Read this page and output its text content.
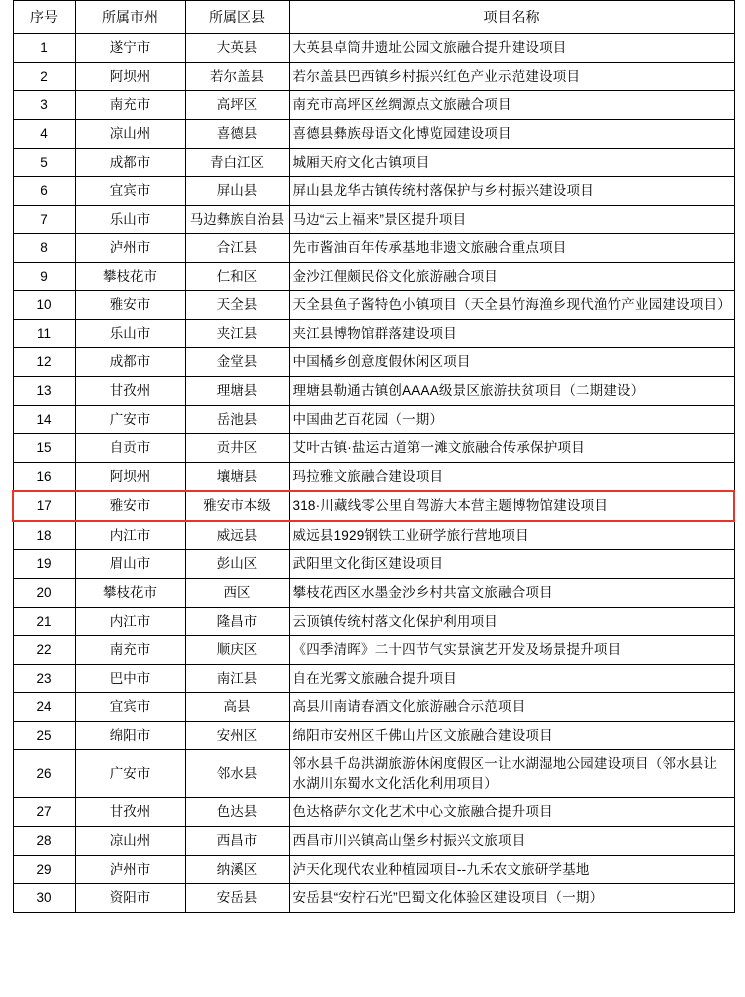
序号	所属市州	所属区县	项目名称
1	遂宁市	大英县	大英县卓筒井遗址公园文旅融合提升建设项目
2	阿坝州	若尔盖县	若尔盖县巴西镇乡村振兴红色产业示范建设项目
3	南充市	高坪区	南充市高坪区丝绸源点文旅融合项目
4	凉山州	喜德县	喜德县彝族母语文化博览园建设项目
5	成都市	青白江区	城厢天府文化古镇项目
6	宜宾市	屏山县	屏山县龙华古镇传统村落保护与乡村振兴建设项目
7	乐山市	马边彝族自治县	马边“云上福来”景区提升项目
8	泸州市	合江县	先市酱油百年传承基地非遗文旅融合重点项目
9	攀枝花市	仁和区	金沙江俚颇民俗文化旅游融合项目
10	雅安市	天全县	天全县鱼子酱特色小镇项目（天全县竹海渔乡现代渔竹产业园建设项目）
11	乐山市	夹江县	夹江县博物馆群落建设项目
12	成都市	金堂县	中国橘乡创意度假休闲区项目
13	甘孜州	理塘县	理塘县勒通古镇创AAAA级景区旅游扶贫项目（二期建设）
14	广安市	岳池县	中国曲艺百花园（一期）
15	自贡市	贡井区	艾叶古镇·盐运古道第一滩文旅融合传承保护项目
16	阿坝州	壤塘县	玛拉雅文旅融合建设项目
17	雅安市	雅安市本级	318·川藏线零公里自驾游大本营主题博物馆建设项目
18	内江市	威远县	威远县1929钢铁工业研学旅行营地项目
19	眉山市	彭山区	武阳里文化街区建设项目
20	攀枝花市	西区	攀枝花西区水墨金沙乡村共富文旅融合项目
21	内江市	隆昌市	云顶镇传统村落文化保护利用项目
22	南充市	顺庆区	《四季清晖》二十四节气实景演艺开发及场景提升项目
23	巴中市	南江县	自在光雾文旅融合提升项目
24	宜宾市	高县	高县川南请春酒文化旅游融合示范项目
25	绵阳市	安州区	绵阳市安州区千佛山片区文旅融合建设项目
26	广安市	邻水县	邻水县千岛洪湖旅游休闲度假区一让水湖湿地公园建设项目（邻水县让水湖川东蜀水文化活化利用项目）
27	甘孜州	色达县	色达格萨尔文化艺术中心文旅融合提升项目
28	凉山州	西昌市	西昌市川兴镇高山堡乡村振兴文旅项目
29	泸州市	纳溪区	泸天化现代农业种植园项目--九禾农文旅研学基地
30	资阳市	安岳县	安岳县“安柠石光”巴蜀文化体验区建设项目（一期）
